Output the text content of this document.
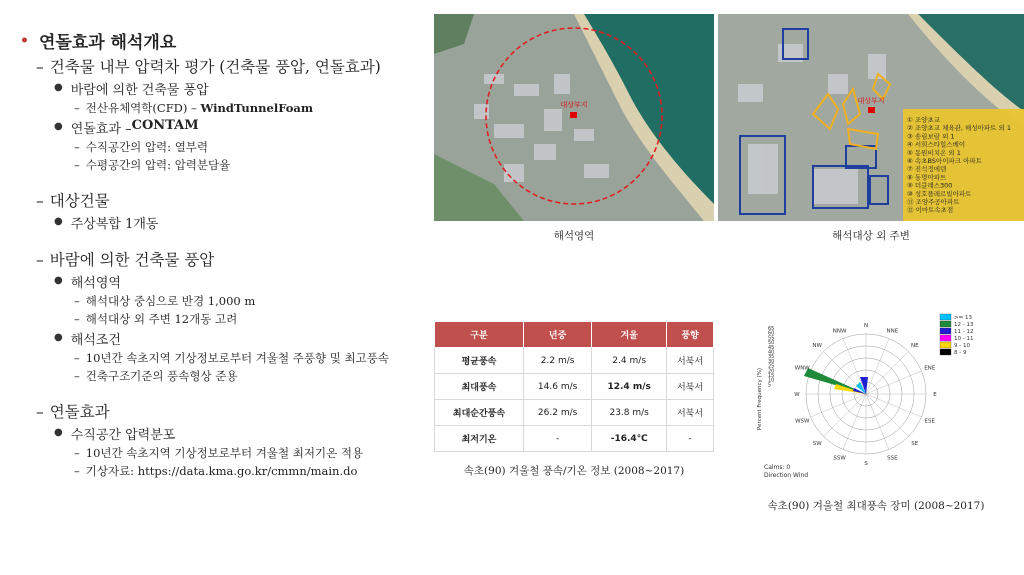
• 연돌효과 해석개요
– 건축물 내부 압력차 평가 (건축물 풍압, 연돌효과)
● 바람에 의한 건축물 풍압
– 전산유체역학(CFD) – WindTunnelFoam
● 연돌효과 – CONTAM
– 수직공간의 압력: 열부력
– 수평공간의 압력: 압력분담율
– 대상건물
● 주상복합 1개동
– 바람에 의한 건축물 풍압
● 해석영역
– 해석대상 중심으로 반경 1,000 m
– 해석대상 외 주변 12개동 고려
● 해석조건
– 10년간 속초지역 기상정보로부터 겨울철 주풍향 및 최고풍속
– 건축구조기준의 풍속형상 준용
– 연돌효과
● 수직공간 압력분포
– 10년간 속초지역 기상정보로부터 겨울철 최저기온 적용
– 기상자료: https://data.kma.go.kr/cmmn/main.do
대상부지
해석영역
대상부지
① 조양초교
② 조양초교 체육관, 해성아파트 외 1
③ 송림보람 외 1
④ 서희스타힐스베이
⑤ 동원비치온 외 1
⑥ 속초BS아이파크 아파트
⑦ 진석정에덴
⑧ 동명아파트
⑨ 더클래스300
⑩ 성호플레르빌아파트
⑪ 조양주공아파트
⑫ 이마트속초점
해석대상 외 주변
구분	년중	겨울	풍향
평균풍속	2.2 m/s	2.4 m/s	서북서
최대풍속	14.6 m/s	12.4 m/s	서북서
최대순간풍속	26.2 m/s	23.8 m/s	서북서
최저기온	-	-16.4℃	-
속초(90) 겨울철 풍속/기온 정보 (2008~2017)
N
NNE
NE
ENE
E
ESE
SE
SSE
S
SSW
SW
WSW
W
WNW
NW
NNW
65
60
55
50
45
40
35
30
25
20
15
10
5
Percent Frequency (%)
Calms: 0
Direction Wind
>= 13
12 - 13
11 - 12
10 - 11
9 - 10
8 - 9
속초(90) 겨울철 최대풍속 장미 (2008~2017)
